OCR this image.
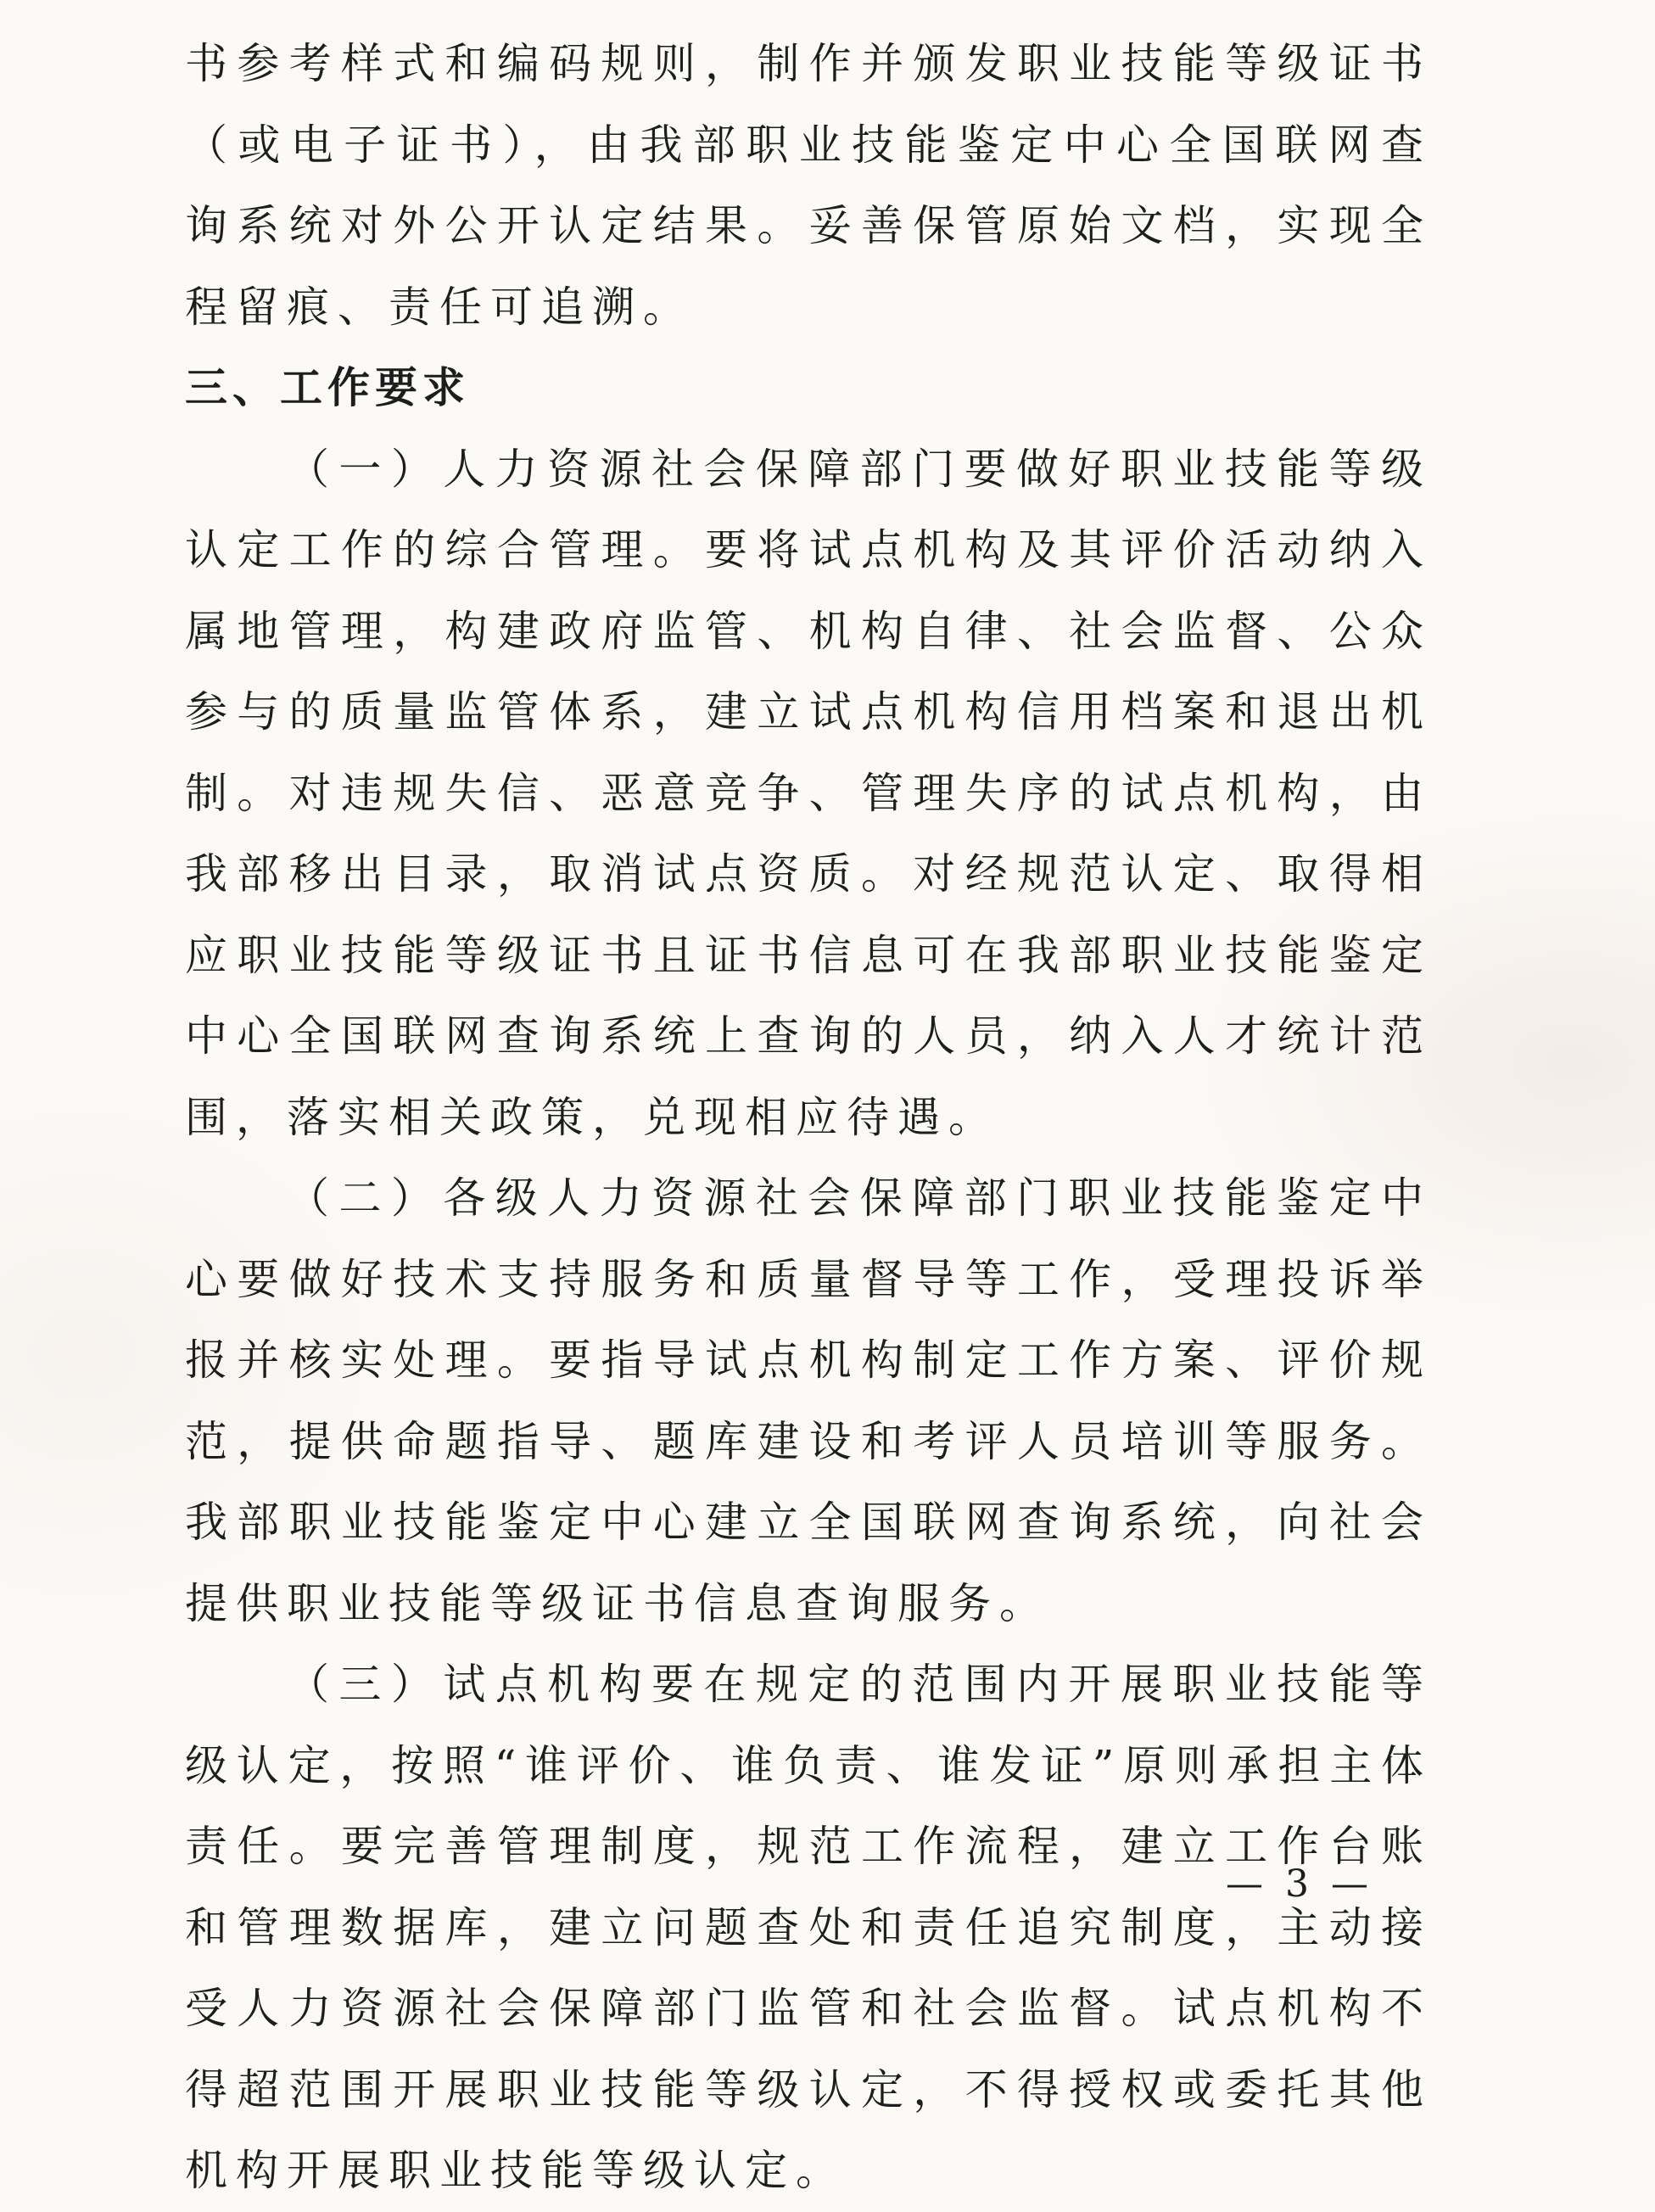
书参考样式和编码规则，制作并颁发职业技能等级证书（或电子证书），由我部职业技能鉴定中心全国联网查询系统对外公开认定结果。妥善保管原始文档，实现全程留痕、责任可追溯。

三、工作要求

（一）人力资源社会保障部门要做好职业技能等级认定工作的综合管理。要将试点机构及其评价活动纳入属地管理，构建政府监管、机构自律、社会监督、公众参与的质量监管体系，建立试点机构信用档案和退出机制。对违规失信、恶意竞争、管理失序的试点机构，由我部移出目录，取消试点资质。对经规范认定、取得相应职业技能等级证书且证书信息可在我部职业技能鉴定中心全国联网查询系统上查询的人员，纳入人才统计范围，落实相关政策，兑现相应待遇。

（二）各级人力资源社会保障部门职业技能鉴定中心要做好技术支持服务和质量督导等工作，受理投诉举报并核实处理。要指导试点机构制定工作方案、评价规范，提供命题指导、题库建设和考评人员培训等服务。我部职业技能鉴定中心建立全国联网查询系统，向社会提供职业技能等级证书信息查询服务。

（三）试点机构要在规定的范围内开展职业技能等级认定，按照“谁评价、谁负责、谁发证”原则承担主体责任。要完善管理制度，规范工作流程，建立工作台账和管理数据库，建立问题查处和责任追究制度，主动接受人力资源社会保障部门监管和社会监督。试点机构不得超范围开展职业技能等级认定，不得授权或委托其他机构开展职业技能等级认定。

— 3 —
